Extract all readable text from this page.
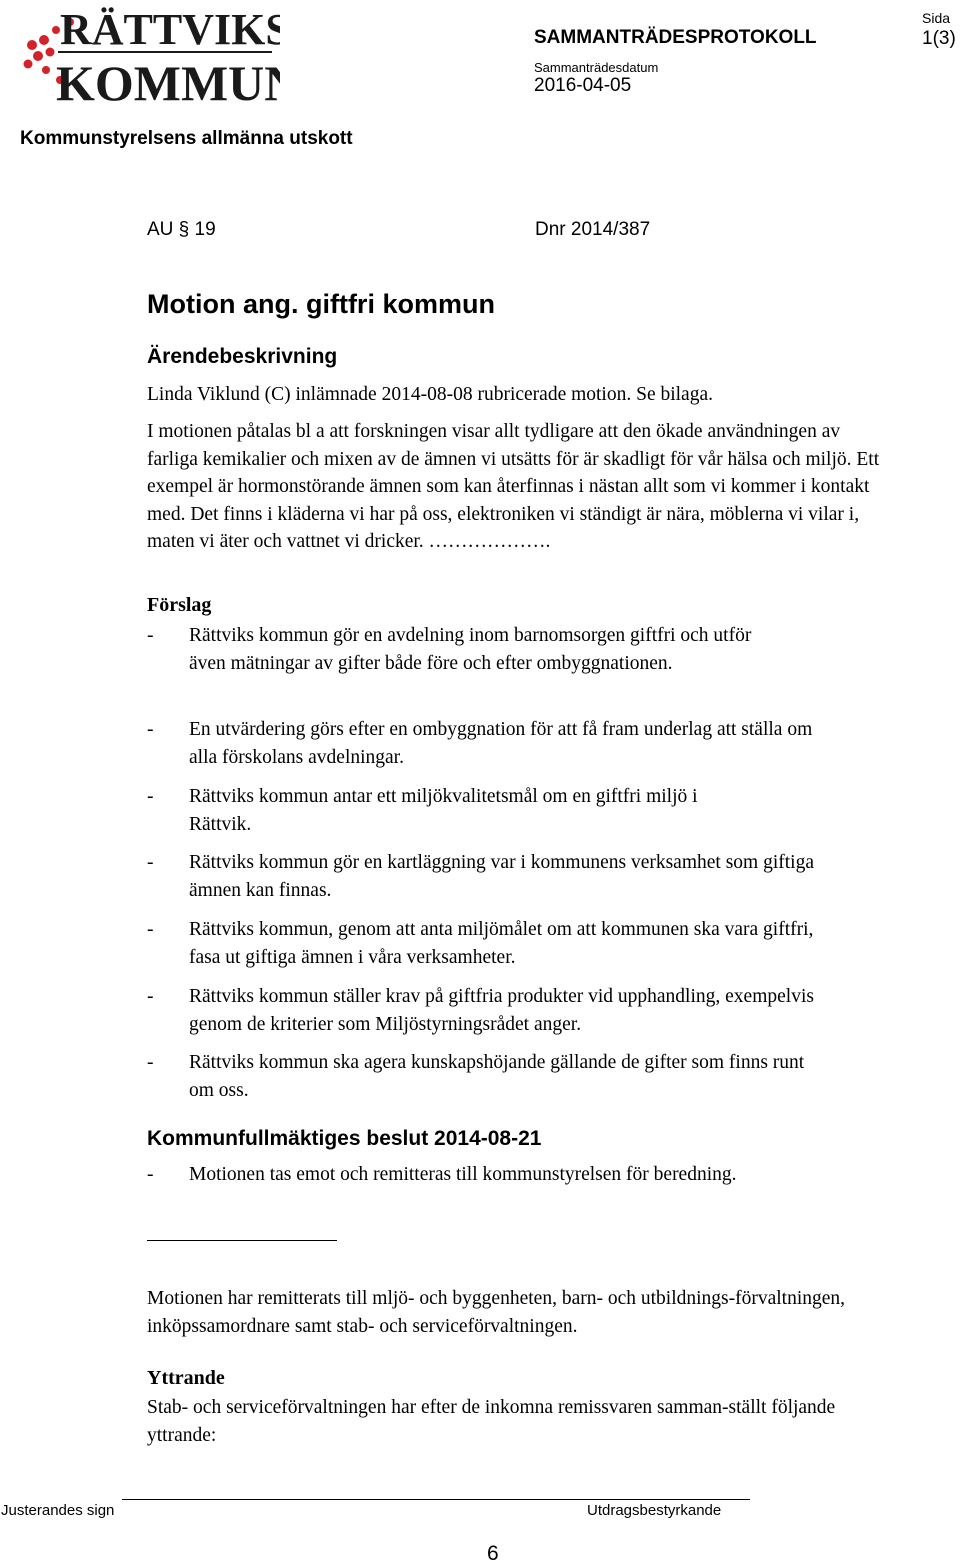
RÄTTVIKS
KOMMUN
Sida
1(3)
SAMMANTRÄDESPROTOKOLL
Sammanträdesdatum
2016-04-05
Kommunstyrelsens allmänna utskott
AU § 19	Dnr 2014/387
Motion ang. giftfri kommun
Ärendebeskrivning

Linda Viklund (C) inlämnade 2014-08-08 rubricerade motion. Se bilaga.

I motionen påtalas bl a att forskningen visar allt tydligare att den ökade användningen av farliga kemikalier och mixen av de ämnen vi utsätts för är skadligt för vår hälsa och miljö. Ett exempel är hormonstörande ämnen som kan återfinnas i nästan allt som vi kommer i kontakt med. Det finns i kläderna vi har på oss, elektroniken vi ständigt är nära, möblerna vi vilar i, maten vi äter och vattnet vi dricker. ……………….

Förslag
- Rättviks kommun gör en avdelning inom barnomsorgen giftfri och utför även mätningar av gifter både före och efter ombyggnationen.
- En utvärdering görs efter en ombyggnation för att få fram underlag att ställa om alla förskolans avdelningar.
- Rättviks kommun antar ett miljökvalitetsmål om en giftfri miljö i Rättvik.
- Rättviks kommun gör en kartläggning var i kommunens verksamhet som giftiga ämnen kan finnas.
- Rättviks kommun, genom att anta miljömålet om att kommunen ska vara giftfri, fasa ut giftiga ämnen i våra verksamheter.
- Rättviks kommun ställer krav på giftfria produkter vid upphandling, exempelvis genom de kriterier som Miljöstyrningsrådet anger.
- Rättviks kommun ska agera kunskapshöjande gällande de gifter som finns runt om oss.
Kommunfullmäktiges beslut 2014-08-21
- Motionen tas emot och remitteras till kommunstyrelsen för beredning.

Motionen har remitterats till mljö- och byggenheten, barn- och utbildnings-förvaltningen, inköpssamordnare samt stab- och serviceförvaltningen.

Yttrande

Stab- och serviceförvaltningen har efter de inkomna remissvaren samman-ställt följande yttrande:

Justerandes sign	Utdragsbestyrkande
6
